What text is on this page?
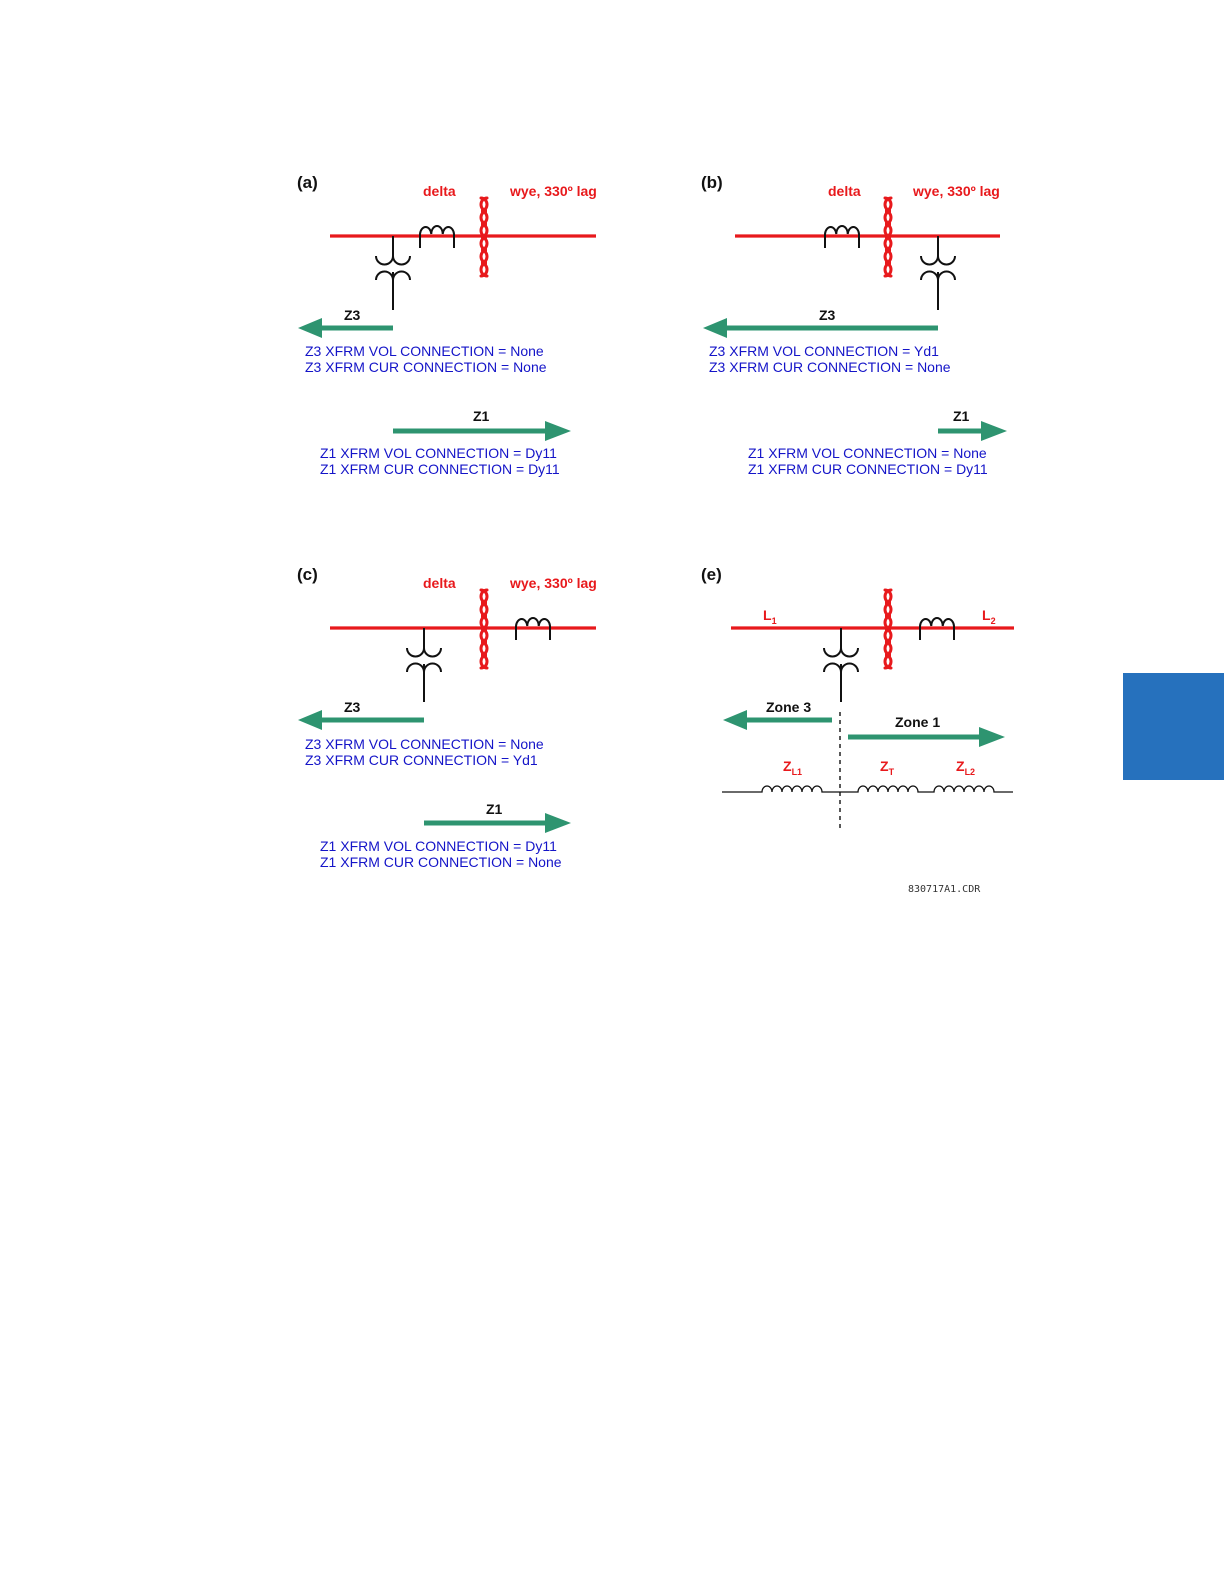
(a)	delta	wye, 330º lag
Z3
Z3 XFRM VOL CONNECTION = None
Z3 XFRM CUR CONNECTION = None
Z1
Z1 XFRM VOL CONNECTION = Dy11
Z1 XFRM CUR CONNECTION = Dy11
(b)	delta	wye, 330º lag
Z3
Z3 XFRM VOL CONNECTION = Yd1
Z3 XFRM CUR CONNECTION = None
Z1
Z1 XFRM VOL CONNECTION = None
Z1 XFRM CUR CONNECTION = Dy11
(c)	delta	wye, 330º lag
Z3
Z3 XFRM VOL CONNECTION = None
Z3 XFRM CUR CONNECTION = Yd1
Z1
Z1 XFRM VOL CONNECTION = Dy11
Z1 XFRM CUR CONNECTION = None
(e)
$L_1$	$L_2$
Zone 3
Zone 1
$Z_{L1}$	$Z_T$	$Z_{L2}$
830717A1.CDR
